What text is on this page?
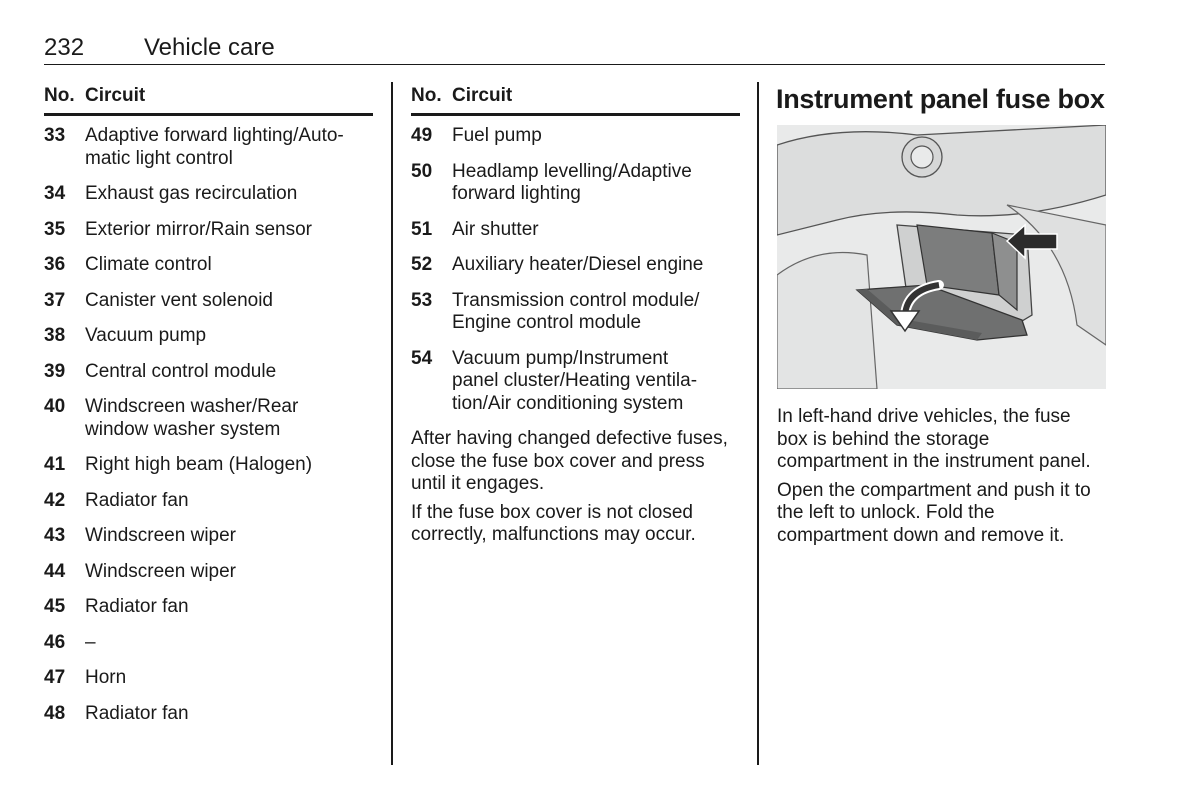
232 Vehicle care
No. Circuit
33	Adaptive forward lighting/Auto-
matic light control
34	Exhaust gas recirculation
35	Exterior mirror/Rain sensor
36	Climate control
37	Canister vent solenoid
38	Vacuum pump
39	Central control module
40	Windscreen washer/Rear
window washer system
41	Right high beam (Halogen)
42	Radiator fan
43	Windscreen wiper
44	Windscreen wiper
45	Radiator fan
46	–
47	Horn
48	Radiator fan
No. Circuit
49	Fuel pump
50	Headlamp levelling/Adaptive
forward lighting
51	Air shutter
52	Auxiliary heater/Diesel engine
53	Transmission control module/
Engine control module
54	Vacuum pump/Instrument
panel cluster/Heating ventila-
tion/Air conditioning system

After having changed defective fuses,
close the fuse box cover and press
until it engages.

If the fuse box cover is not closed
correctly, malfunctions may occur.

Instrument panel fuse box

In left-hand drive vehicles, the fuse
box is behind the storage
compartment in the instrument panel.

Open the compartment and push it to
the left to unlock. Fold the
compartment down and remove it.
